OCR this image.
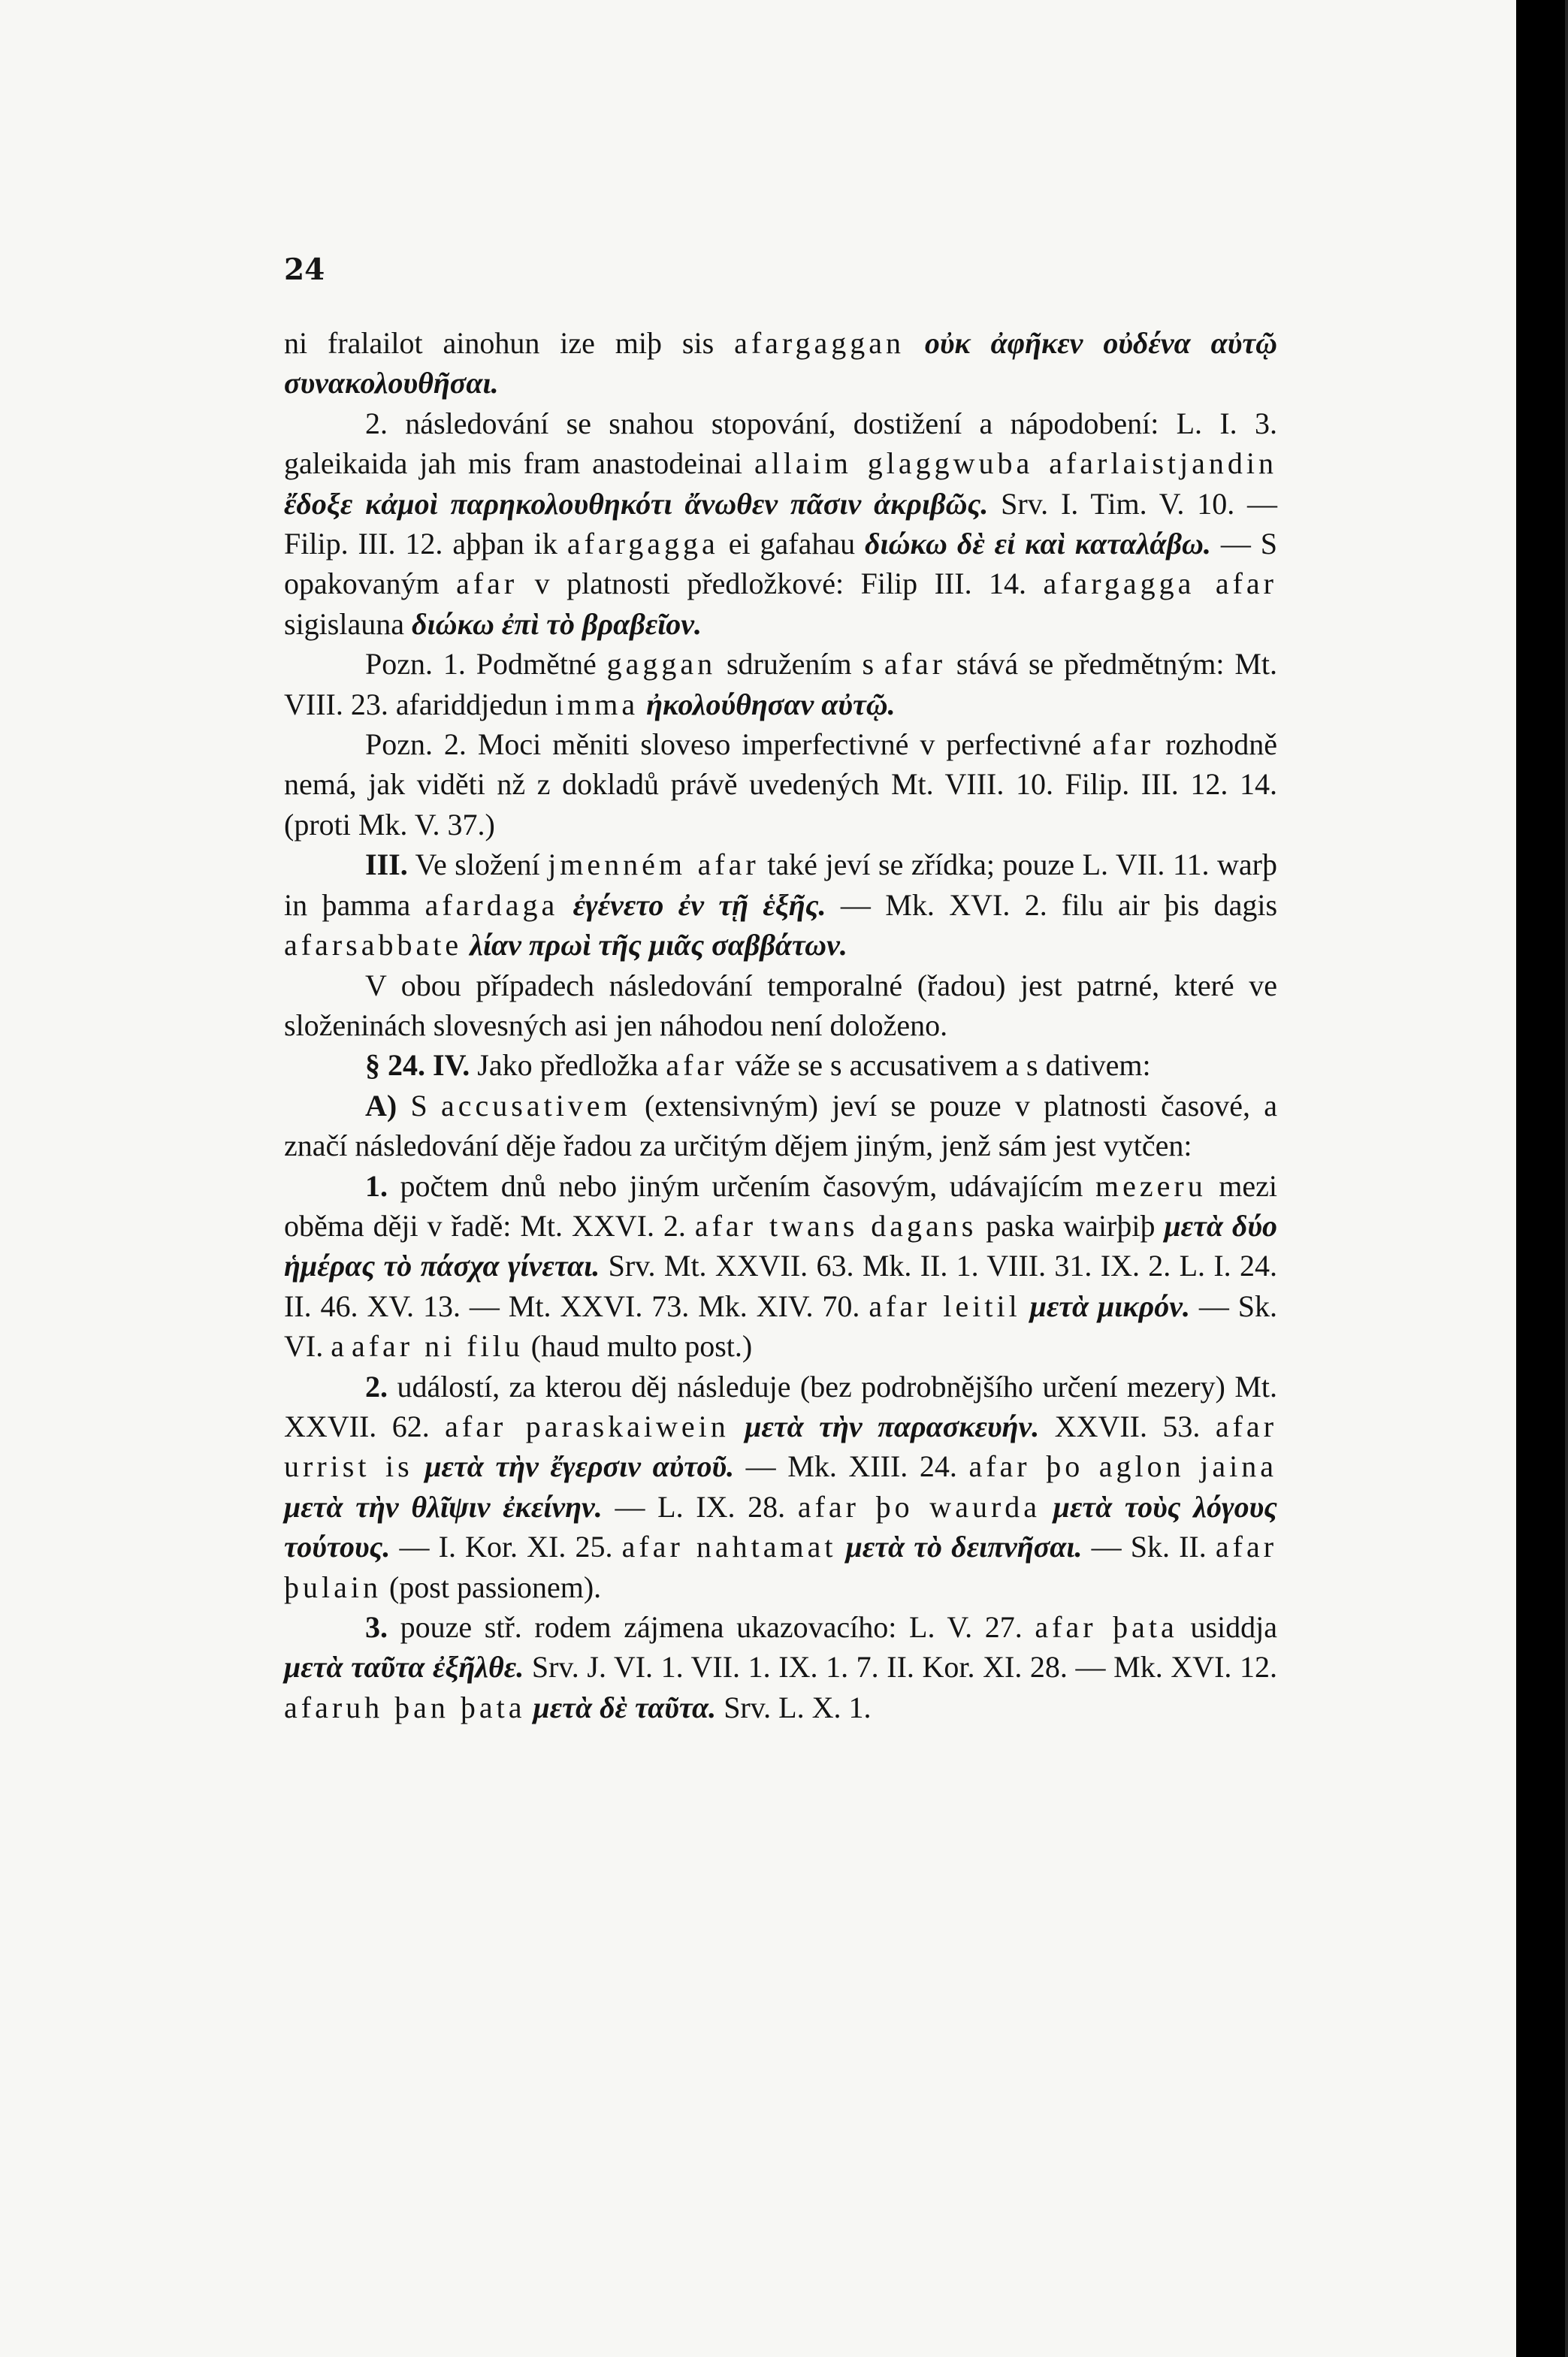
24

ni fralailot ainohun ize miþ sis afargaggan οὐκ ἀφῆκεν οὐδένα αὐτῷ συνακολουθῆσαι.

2. následování se snahou stopování, dostižení a nápodobení: L. I. 3. galeikaida jah mis fram anastodeinai allaim glaggwuba afarlaistjandin ἔδοξε κἀμοὶ παρηκολουθηκότι ἄνωθεν πᾶσιν ἀκριβῶς. Srv. I. Tim. V. 10. — Filip. III. 12. aþþan ik afargagga ei gafahau διώκω δὲ εἰ καὶ καταλάβω. — S opakovaným afar v platnosti předložkové: Filip III. 14. afargagga afar sigislauna διώκω ἐπὶ τὸ βραβεῖον.

Pozn. 1. Podmětné gaggan sdružením s afar stává se předmětným: Mt. VIII. 23. afariddjedun imma ἠκολούθησαν αὐτῷ.

Pozn. 2. Moci měniti sloveso imperfectivné v perfectivné afar rozhodně nemá, jak viděti nž z dokladů právě uvedených Mt. VIII. 10. Filip. III. 12. 14. (proti Mk. V. 37.)

III. Ve složení jmenném afar také jeví se zřídka; pouze L. VII. 11. warþ in þamma afardaga ἐγένετο ἐν τῇ ἑξῆς. — Mk. XVI. 2. filu air þis dagis afarsabbate λίαν πρωὶ τῆς μιᾶς σαββάτων.

V obou případech následování temporalné (řadou) jest patrné, které ve složeninách slovesných asi jen náhodou není doloženo.

§ 24. IV. Jako předložka afar váže se s accusativem a s dativem:

A) S accusativem (extensivným) jeví se pouze v platnosti časové, a značí následování děje řadou za určitým dějem jiným, jenž sám jest vytčen:

1. počtem dnů nebo jiným určením časovým, udávajícím mezeru mezi oběma ději v řadě: Mt. XXVI. 2. afar twans dagans paska wairþiþ μετὰ δύο ἡμέρας τὸ πάσχα γίνεται. Srv. Mt. XXVII. 63. Mk. II. 1. VIII. 31. IX. 2. L. I. 24. II. 46. XV. 13. — Mt. XXVI. 73. Mk. XIV. 70. afar leitil μετὰ μικρόν. — Sk. VI. a afar ni filu (haud multo post.)

2. událostí, za kterou děj následuje (bez podrobnějšího určení mezery) Mt. XXVII. 62. afar paraskaiwein μετὰ τὴν παρασκευήν. XXVII. 53. afar urrist is μετὰ τὴν ἔγερσιν αὐτοῦ. — Mk. XIII. 24. afar þo aglon jaina μετὰ τὴν θλῖψιν ἐκείνην. — L. IX. 28. afar þo waurda μετὰ τοὺς λόγους τούτους. — I. Kor. XI. 25. afar nahtamat μετὰ τὸ δειπνῆσαι. — Sk. II. afar þulain (post passionem).

3. pouze stř. rodem zájmena ukazovacího: L. V. 27. afar þata usiddja μετὰ ταῦτα ἐξῆλθε. Srv. J. VI. 1. VII. 1. IX. 1. 7. II. Kor. XI. 28. — Mk. XVI. 12. afaruh þan þata μετὰ δὲ ταῦτα. Srv. L. X. 1.
